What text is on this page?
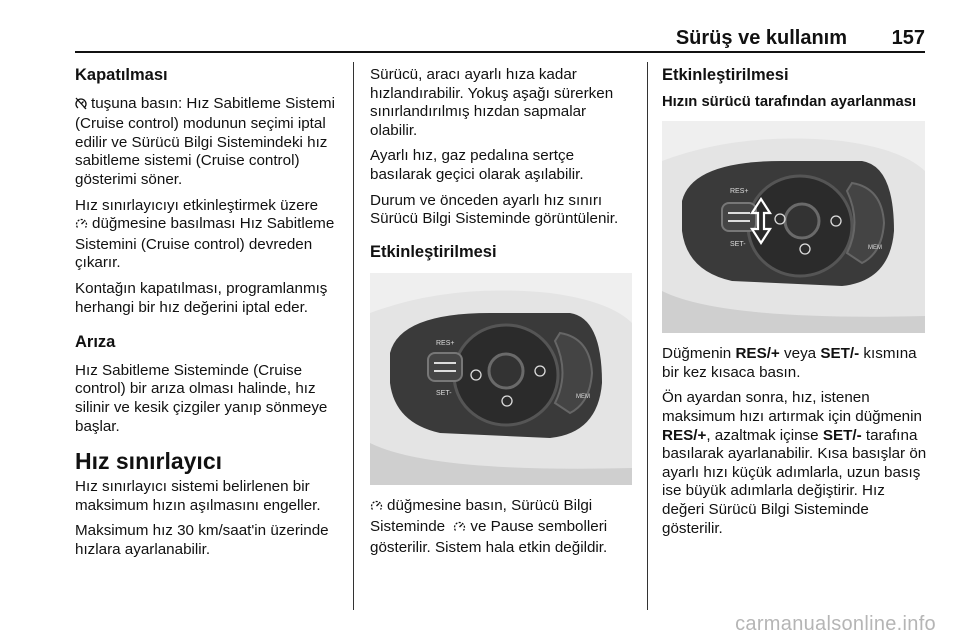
Sürüş ve kullanım 157
Kapatılması

tuşuna basın: Hız Sabitleme Sistemi (Cruise control) modunun seçimi iptal edilir ve Sürücü Bilgi Sistemindeki hız sabitleme sistemi (Cruise control) gösterimi söner.

Hız sınırlayıcıyı etkinleştirmek üzere
düğmesine basılması Hız Sabitleme Sistemini (Cruise control) devreden çıkarır.

Kontağın kapatılması, programlanmış herhangi bir hız değerini iptal eder.

Arıza

Hız Sabitleme Sisteminde (Cruise control) bir arıza olması halinde, hız silinir ve kesik çizgiler yanıp sönmeye başlar.

Hız sınırlayıcı

Hız sınırlayıcı sistemi belirlenen bir maksimum hızın aşılmasını engeller.

Maksimum hız 30 km/saat'in üzerinde hızlara ayarlanabilir.

Sürücü, aracı ayarlı hıza kadar hızlandırabilir. Yokuş aşağı sürerken sınırlandırılmış hızdan sapmalar olabilir.

Ayarlı hız, gaz pedalına sertçe basılarak geçici olarak aşılabilir.

Durum ve önceden ayarlı hız sınırı Sürücü Bilgi Sisteminde görüntülenir.

Etkinleştirilmesi
RES+
SET-	MEM

düğmesine basın, Sürücü Bilgi Sisteminde ve Pause sembolleri gösterilir. Sistem hala etkin değildir.

Etkinleştirilmesi
Hızın sürücü tarafından ayarlanması
RES+
SET-	MEM

Düğmenin RES/+ veya SET/- kısmına bir kez kısaca basın.

Ön ayardan sonra, hız, istenen maksimum hızı artırmak için düğmenin RES/+, azaltmak içinse SET/- tarafına basılarak ayarlanabilir. Kısa basışlar ön ayarlı hızı küçük adımlarla, uzun basış ise büyük adımlarla değiştirir. Hız değeri Sürücü Bilgi Sisteminde gösterilir.

carmanualsonline.info
